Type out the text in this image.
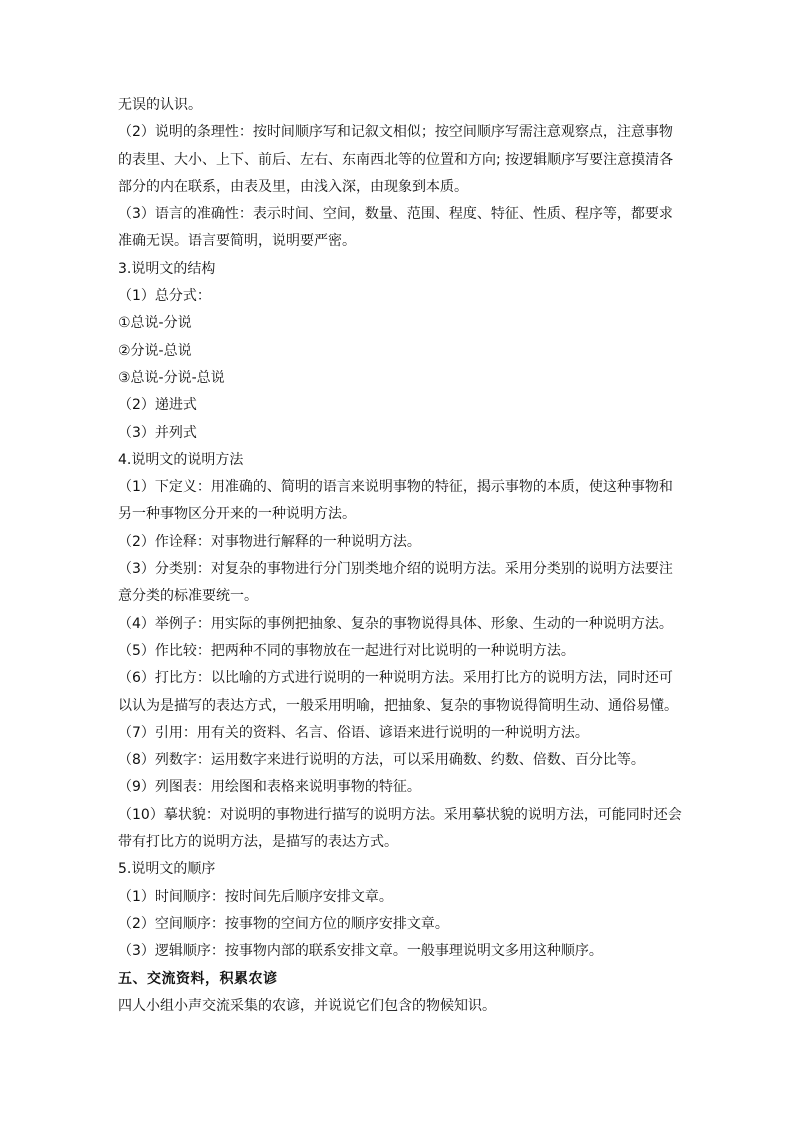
无误的认识。
（2）说明的条理性：按时间顺序写和记叙文相似；按空间顺序写需注意观察点，注意事物
的表里、大小、上下、前后、左右、东南西北等的位置和方向; 按逻辑顺序写要注意摸清各
部分的内在联系，由表及里，由浅入深，由现象到本质。
（3）语言的准确性：表示时间、空间，数量、范围、程度、特征、性质、程序等，都要求
准确无误。语言要简明，说明要严密。
3.说明文的结构
（1）总分式：
①总说-分说
②分说-总说
③总说-分说-总说
（2）递进式
（3）并列式
4.说明文的说明方法
（1）下定义：用准确的、简明的语言来说明事物的特征，揭示事物的本质，使这种事物和
另一种事物区分开来的一种说明方法。
（2）作诠释：对事物进行解释的一种说明方法。
（3）分类别：对复杂的事物进行分门别类地介绍的说明方法。采用分类别的说明方法要注
意分类的标准要统一。
（4）举例子：用实际的事例把抽象、复杂的事物说得具体、形象、生动的一种说明方法。
（5）作比较：把两种不同的事物放在一起进行对比说明的一种说明方法。
（6）打比方：以比喻的方式进行说明的一种说明方法。采用打比方的说明方法，同时还可
以认为是描写的表达方式，一般采用明喻，把抽象、复杂的事物说得简明生动、通俗易懂。
（7）引用：用有关的资料、名言、俗语、谚语来进行说明的一种说明方法。
（8）列数字：运用数字来进行说明的方法，可以采用确数、约数、倍数、百分比等。
（9）列图表：用绘图和表格来说明事物的特征。
（10）摹状貌：对说明的事物进行描写的说明方法。采用摹状貌的说明方法，可能同时还会
带有打比方的说明方法，是描写的表达方式。
5.说明文的顺序
（1）时间顺序：按时间先后顺序安排文章。
（2）空间顺序：按事物的空间方位的顺序安排文章。
（3）逻辑顺序：按事物内部的联系安排文章。一般事理说明文多用这种顺序。
五、交流资料，积累农谚
四人小组小声交流采集的农谚，并说说它们包含的物候知识。
